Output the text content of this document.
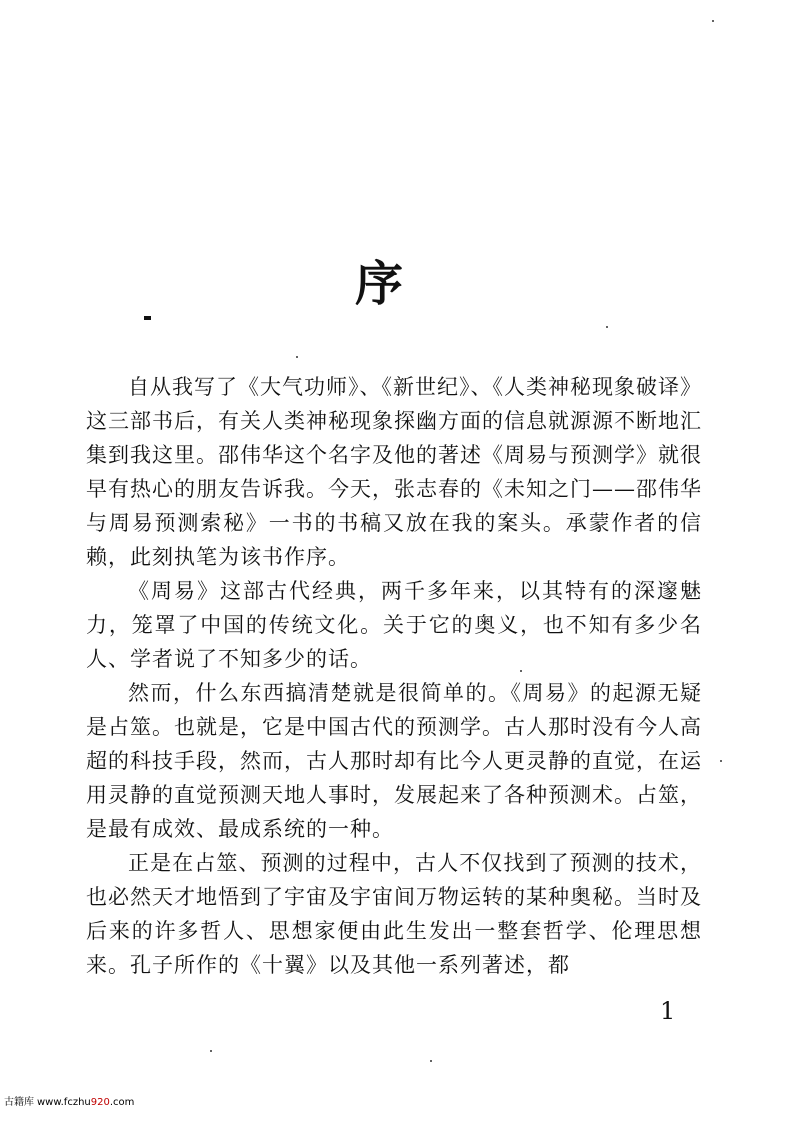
序

自从我写了《大气功师》、《新世纪》、《人类神秘现象破译》这三部书后，有关人类神秘现象探幽方面的信息就源源不断地汇集到我这里。邵伟华这个名字及他的著述《周易与预测学》就很早有热心的朋友告诉我。今天，张志春的《未知之门——邵伟华与周易预测索秘》一书的书稿又放在我的案头。承蒙作者的信赖，此刻执笔为该书作序。

《周易》这部古代经典，两千多年来，以其特有的深邃魅力，笼罩了中国的传统文化。关于它的奥义，也不知有多少名人、学者说了不知多少的话。

然而，什么东西搞清楚就是很简单的。《周易》的起源无疑是占筮。也就是，它是中国古代的预测学。古人那时没有今人高超的科技手段，然而，古人那时却有比今人更灵静的直觉，在运用灵静的直觉预测天地人事时，发展起来了各种预测术。占筮，是最有成效、最成系统的一种。

正是在占筮、预测的过程中，古人不仅找到了预测的技术，也必然天才地悟到了宇宙及宇宙间万物运转的某种奥秘。当时及后来的许多哲人、思想家便由此生发出一整套哲学、伦理思想来。孔子所作的《十翼》以及其他一系列著述，都

1
古籍库 www.fczhu920.com
